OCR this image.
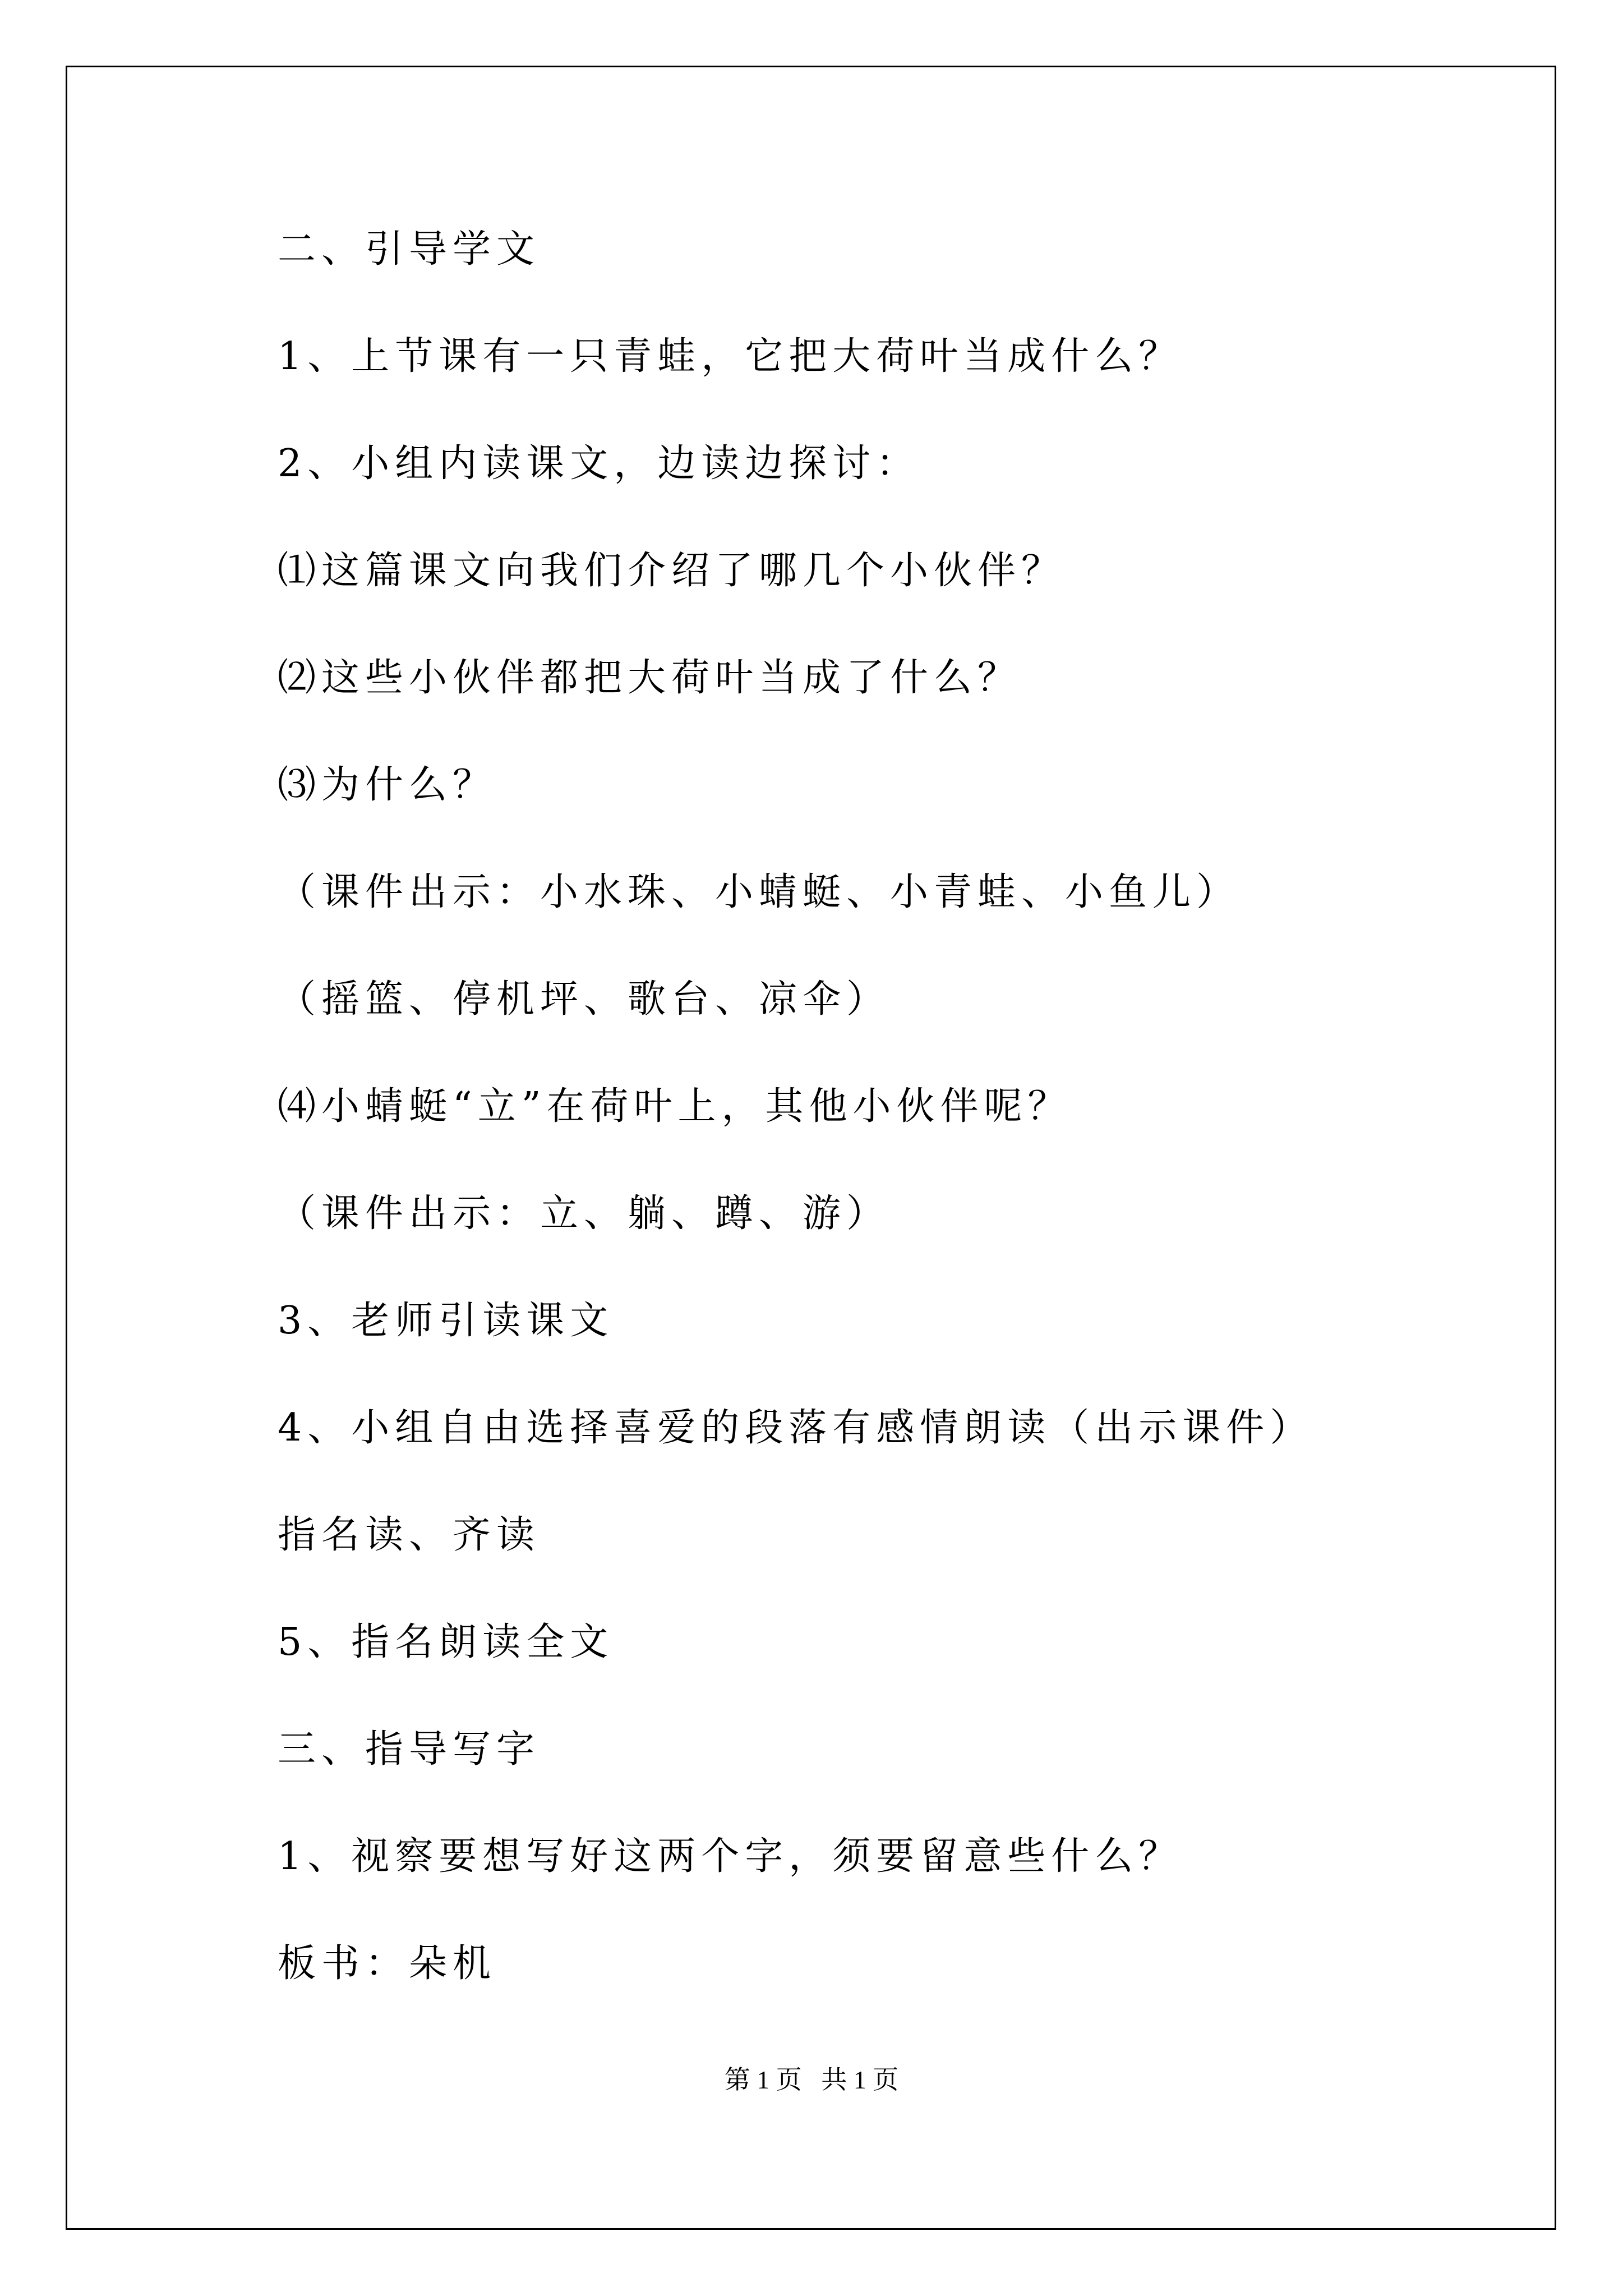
二、引导学文
1、上节课有一只青蛙，它把大荷叶当成什么？
2、小组内读课文，边读边探讨：
⑴这篇课文向我们介绍了哪几个小伙伴？
⑵这些小伙伴都把大荷叶当成了什么？
⑶为什么？
（课件出示：小水珠、小蜻蜓、小青蛙、小鱼儿）
（摇篮、停机坪、歌台、凉伞）
⑷小蜻蜓“立”在荷叶上，其他小伙伴呢？
（课件出示：立、躺、蹲、游）
3、老师引读课文
4、小组自由选择喜爱的段落有感情朗读（出示课件）
指名读、齐读
5、指名朗读全文
三、指导写字
1、视察要想写好这两个字，须要留意些什么？
板书：朵机
第 1 页   共 1 页
